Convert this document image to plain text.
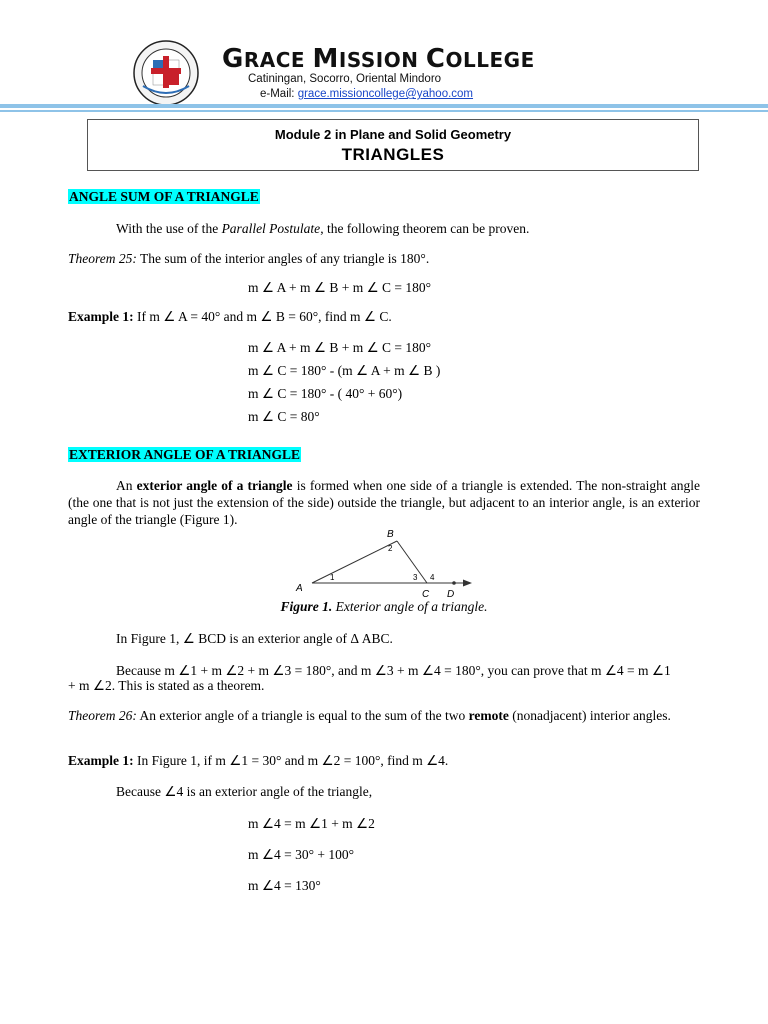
GRACE MISSION COLLEGE
Catiningan, Socorro, Oriental Mindoro
e-Mail: grace.missioncollege@yahoo.com
Module 2 in Plane and Solid Geometry
TRIANGLES
ANGLE SUM OF A TRIANGLE
With the use of the Parallel Postulate, the following theorem can be proven.
Theorem 25: The sum of the interior angles of any triangle is 180°.
m ∠ A + m ∠ B + m ∠ C = 180°
Example 1: If m ∠ A = 40° and m ∠ B = 60°, find m ∠ C.
m ∠ A + m ∠ B + m ∠ C = 180°
m ∠ C = 180° - (m ∠ A + m ∠ B )
m ∠ C = 180° - ( 40° + 60°)
m ∠ C = 80°
EXTERIOR ANGLE OF A TRIANGLE
An exterior angle of a triangle is formed when one side of a triangle is extended. The non-straight angle (the one that is not just the extension of the side) outside the triangle, but adjacent to an interior angle, is an exterior angle of the triangle (Figure 1).
B
A
C D
1
2
3 4
Figure 1. Exterior angle of a triangle.
In Figure 1, ∠ BCD is an exterior angle of Δ ABC.
Because m ∠1 + m ∠2 + m ∠3 = 180°, and m ∠3 + m ∠4 = 180°, you can prove that m ∠4 = m ∠1
+ m ∠2. This is stated as a theorem.
Theorem 26: An exterior angle of a triangle is equal to the sum of the two remote (nonadjacent) interior angles.
Example 1: In Figure 1, if m ∠1 = 30° and m ∠2 = 100°, find m ∠4.
Because ∠4 is an exterior angle of the triangle,
m ∠4 = m ∠1 + m ∠2
m ∠4 = 30° + 100°
m ∠4 = 130°
